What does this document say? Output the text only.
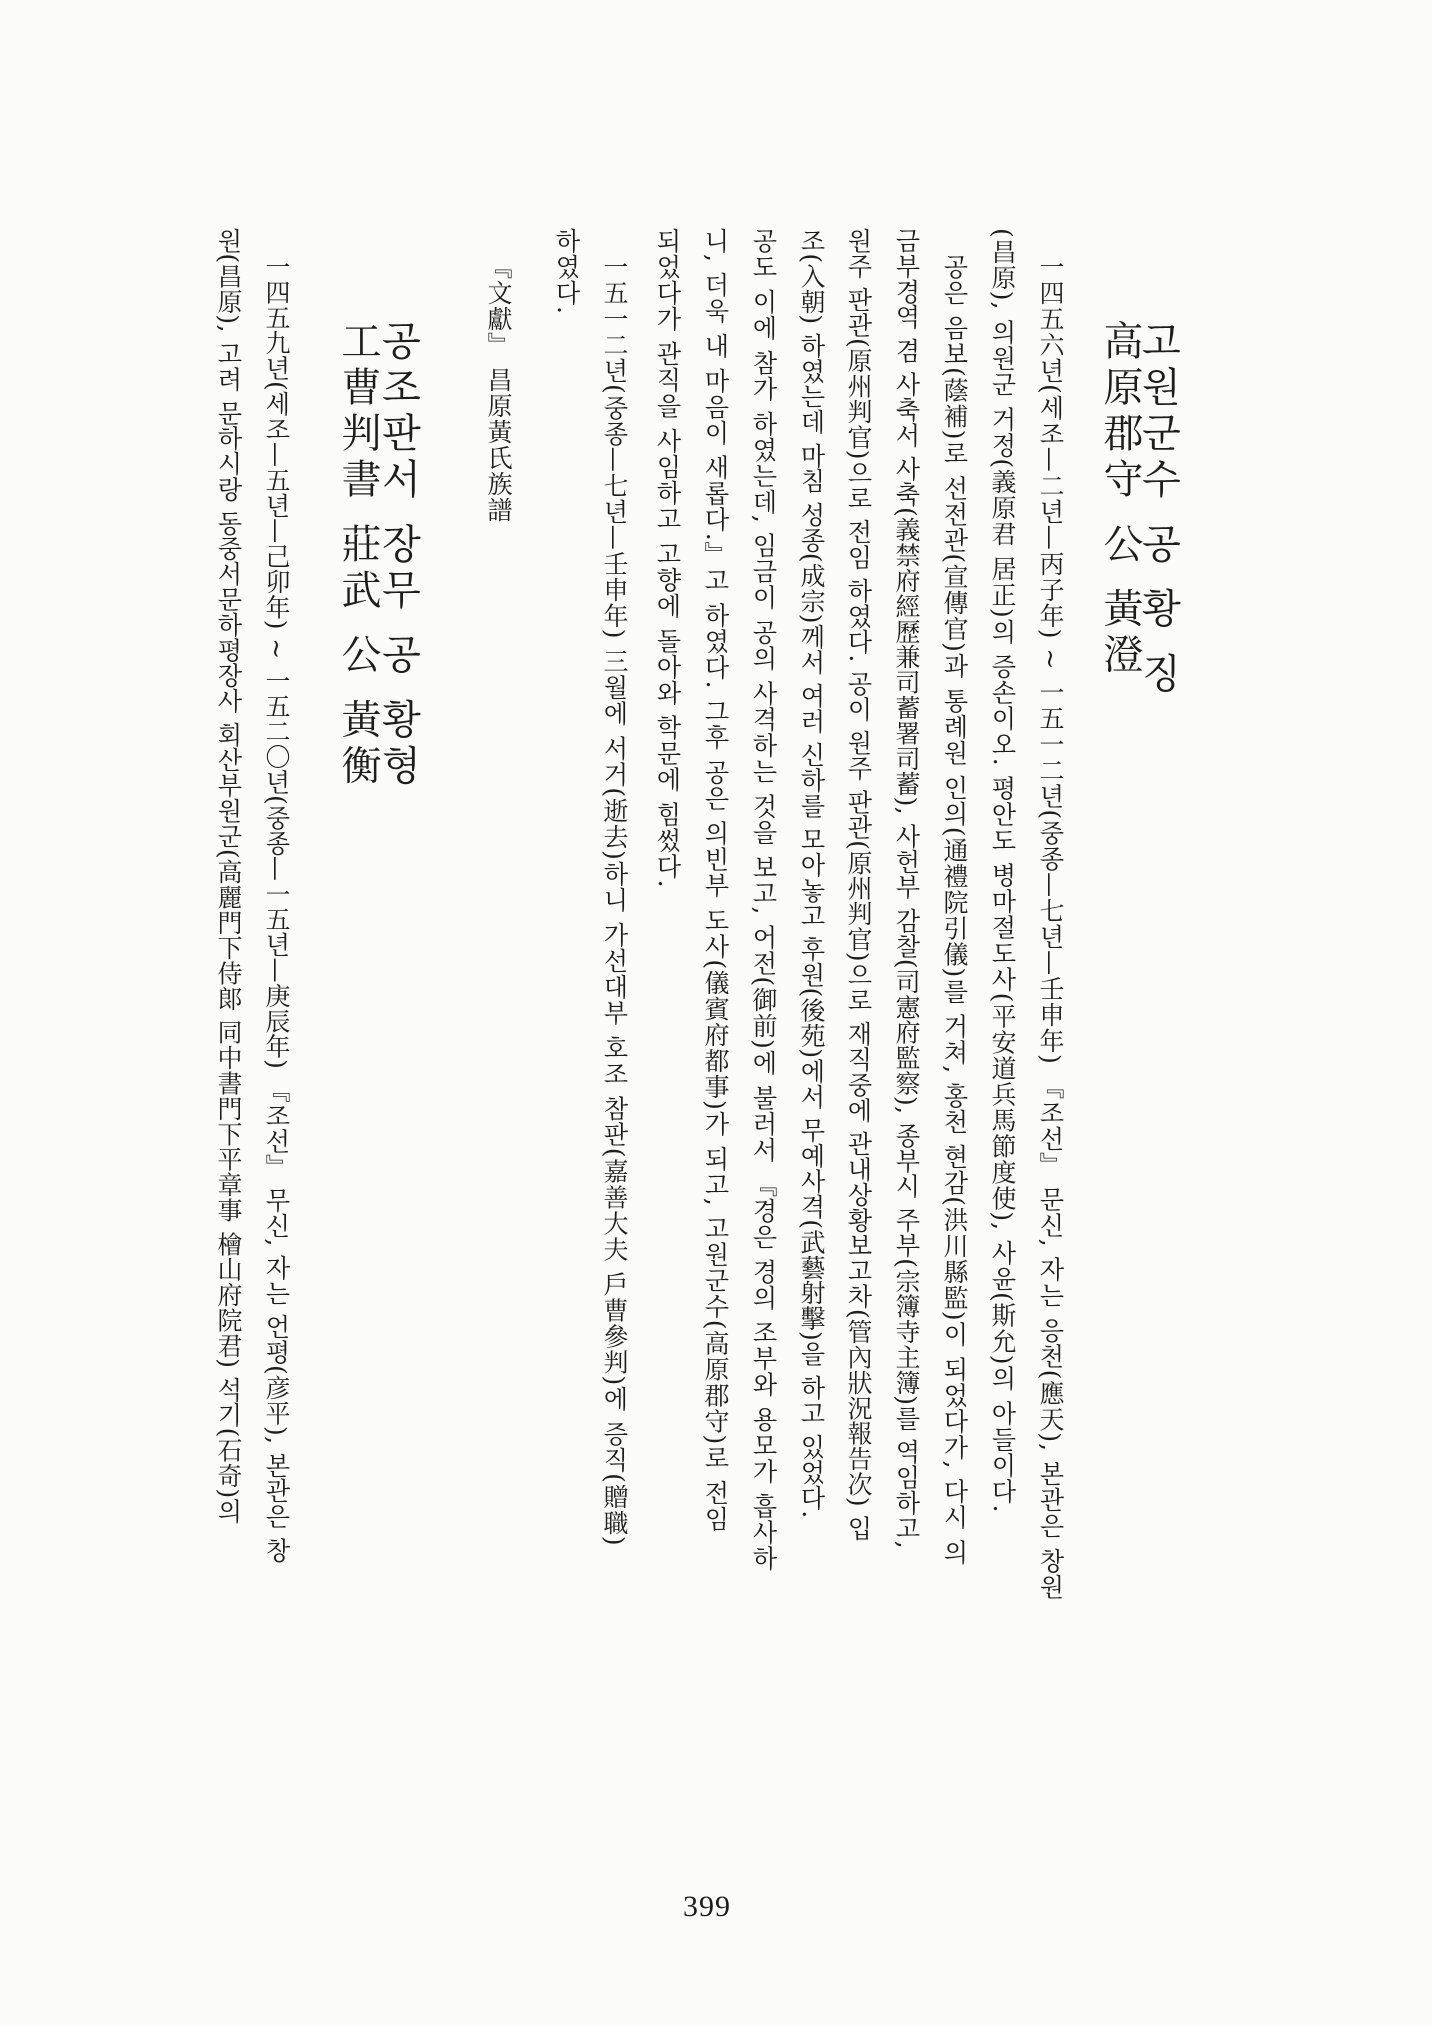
고원군수 공 황 징
高原郡守 公 黃澄
一四五六년(세조—二년—丙子年) ~ 一五一二년(중종—七년—壬申年) 『조선』 문신, 자는 응천(應天), 본관은 창원
(昌原), 의원군 거정(義原君 居正)의 증손이오. 평안도 병마절도사(平安道兵馬節度使), 사윤(斯允)의 아들이다.
공은 음보(蔭補)로 선전관(宣傳官)과 통례원 인의(通禮院引儀)를 거쳐, 홍천 현감(洪川縣監)이 되었다가, 다시 의
금부경역 겸 사축서 사축(義禁府經歷兼司蓄署司蓄), 사헌부 감찰(司憲府監察), 종부시 주부(宗簿寺主簿)를 역임하고,
원주 판관(原州判官)으로 전임 하였다. 공이 원주 판관(原州判官)으로 재직중에 관내상황보고차(管內狀況報告次) 입
조(入朝) 하였는데 마침 성종(成宗)께서 여러 신하를 모아놓고 후원(後苑)에서 무예사격(武藝射擊)을 하고 있었다.
공도 이에 참가 하였는데, 임금이 공의 사격하는 것을 보고, 어전(御前)에 불러서 『경은 경의 조부와 용모가 흡사하
니, 더욱 내 마음이 새롭다.』고 하였다. 그후 공은 의빈부 도사(儀賓府都事)가 되고, 고원군수(高原郡守)로 전임
되었다가 관직을 사임하고 고향에 돌아와 학문에 힘썼다.
一五一二년(중종—七년—壬申年) 三월에 서거(逝去)하니 가선대부 호조 참판(嘉善大夫 戶曹參判)에 증직(贈職)
하였다.
『文獻』 昌原黃氏族譜
공조판서 장무 공 황형
工曹判書 莊武 公 黃衡
一四五九년(세조—五년—己卯年) ~ 一五二〇년(중종—一五년—庚辰年) 『조선』 무신, 자는 언평(彦平), 본관은 창
원(昌原), 고려 문하시랑 동중서문하평장사 회산부원군(高麗門下侍郞 同中書門下平章事 檜山府院君) 석기(石奇)의
399
